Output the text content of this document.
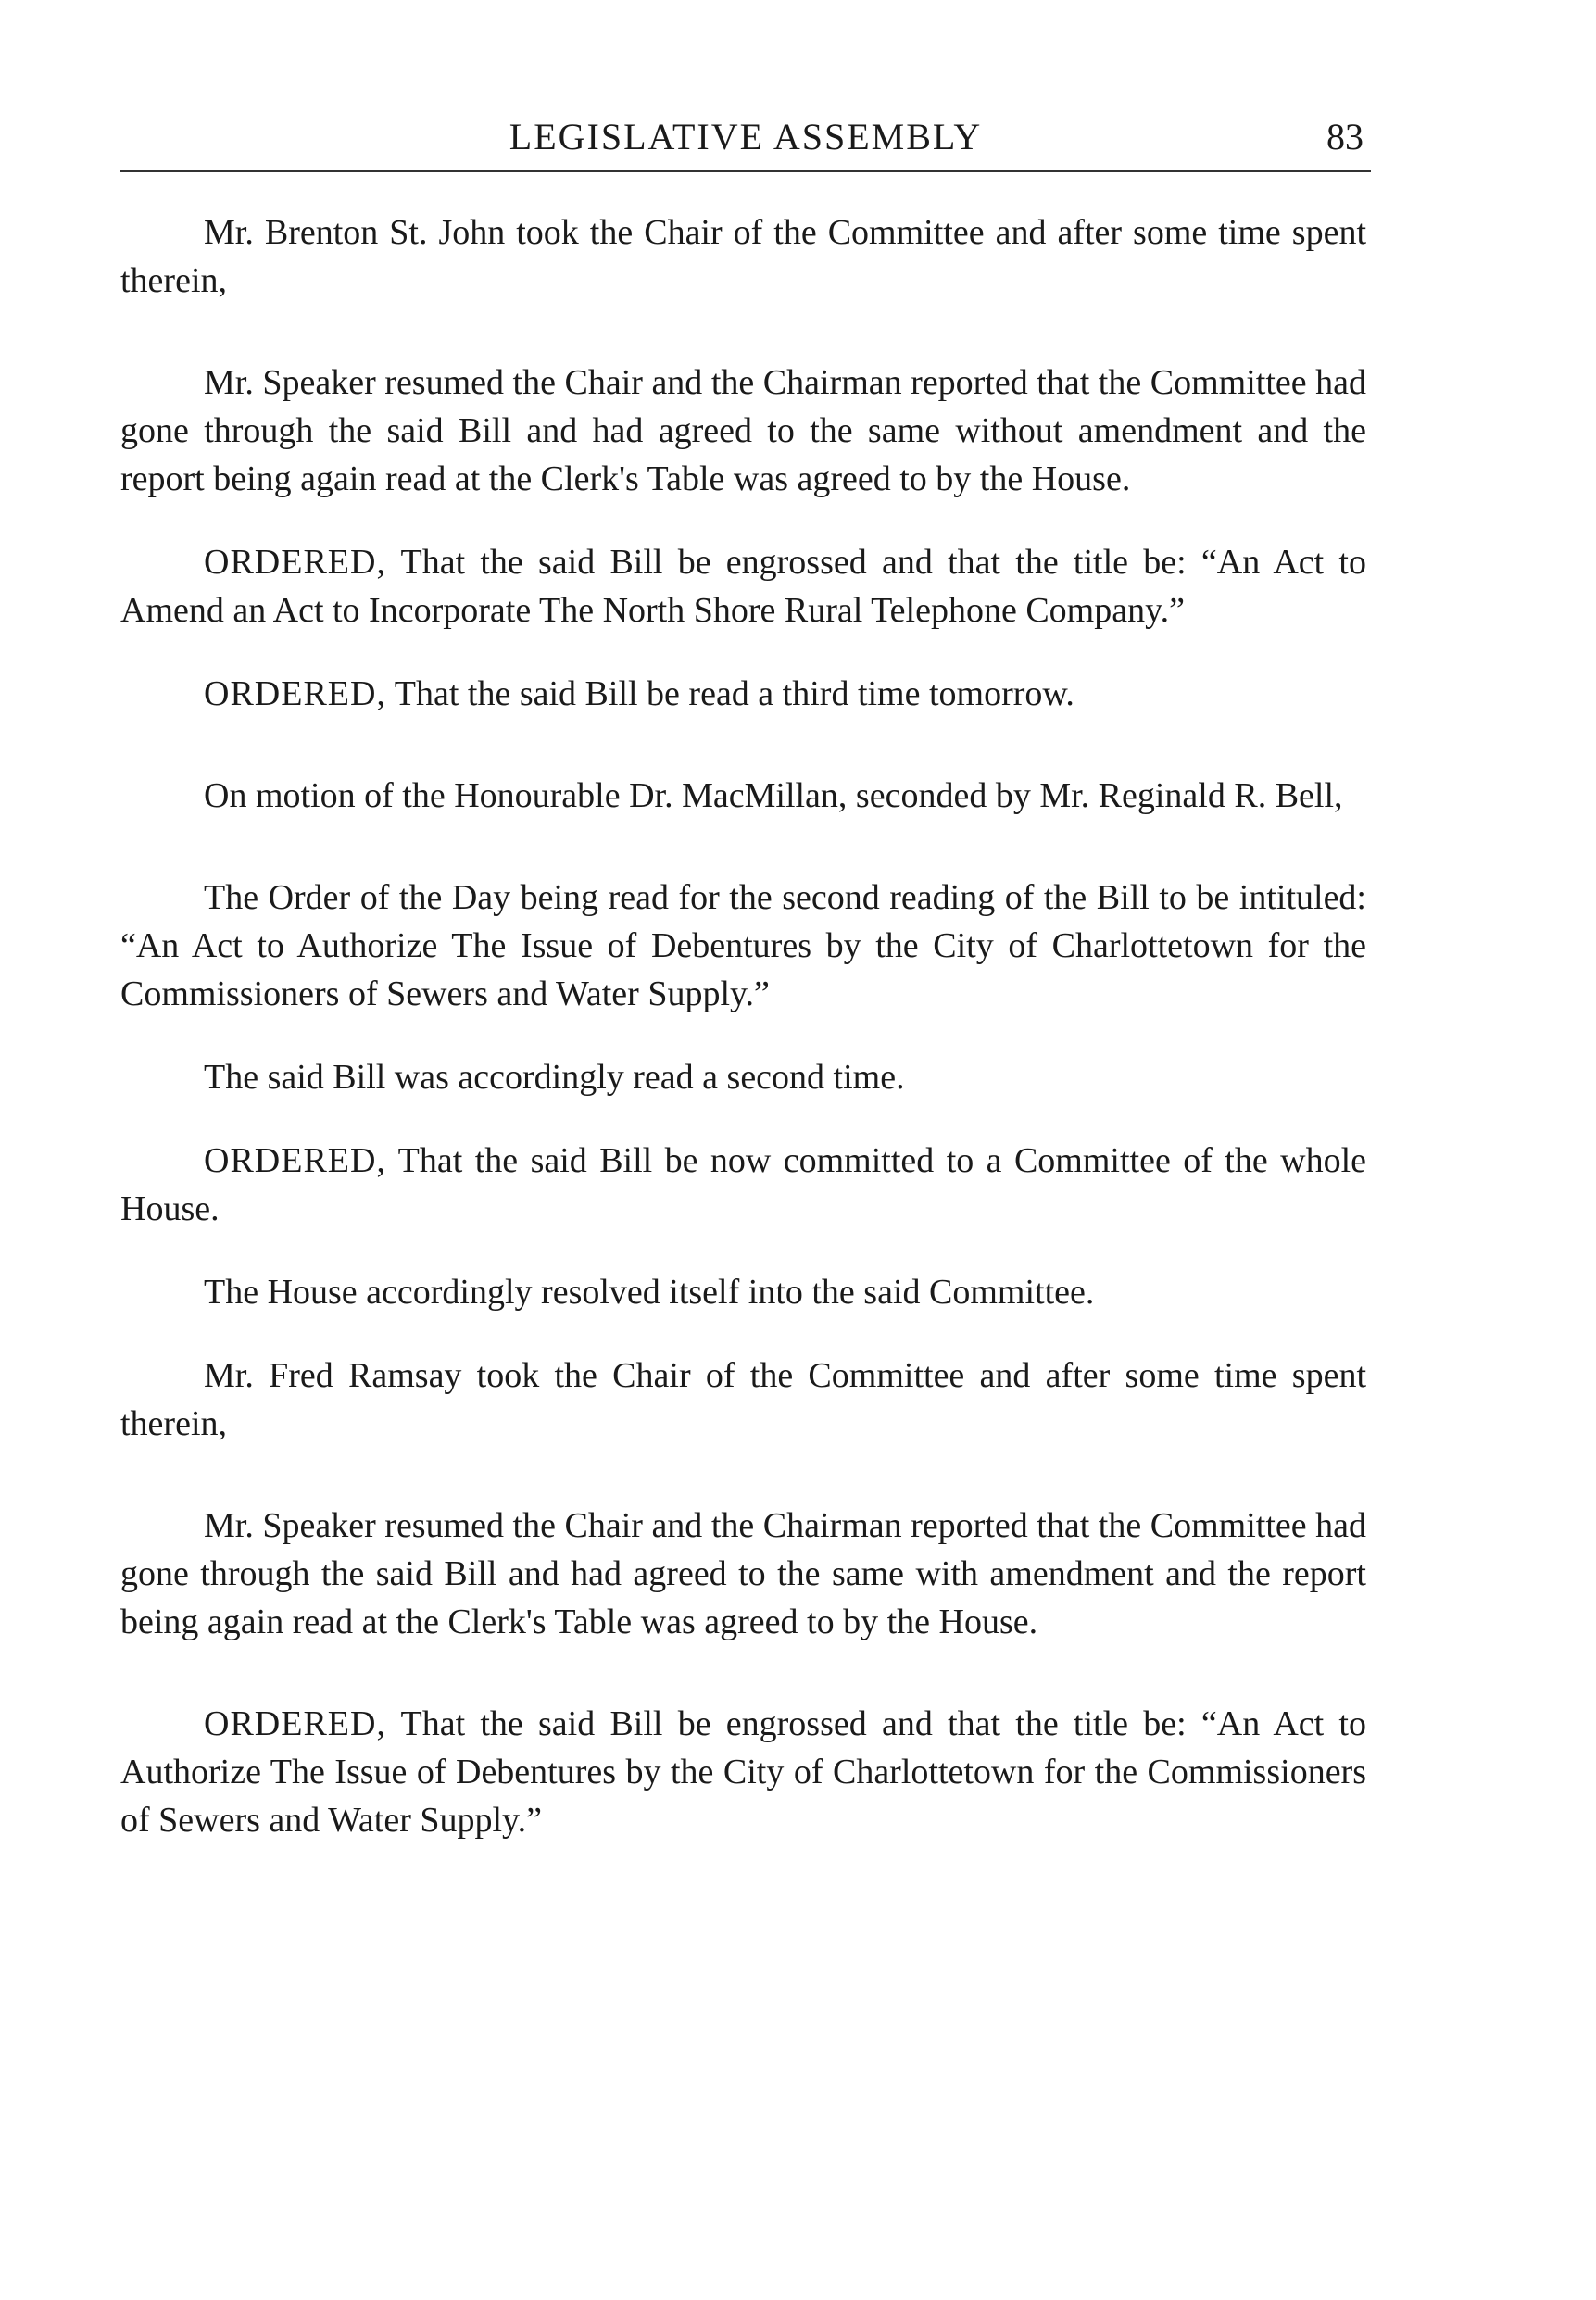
LEGISLATIVE ASSEMBLY	83

Mr. Brenton St. John took the Chair of the Committee and after some time spent therein,

Mr. Speaker resumed the Chair and the Chairman reported that the Committee had gone through the said Bill and had agreed to the same without amendment and the report being again read at the Clerk's Table was agreed to by the House.

ORDERED, That the said Bill be engrossed and that the title be: “An Act to Amend an Act to Incorporate The North Shore Rural Telephone Company.”

ORDERED, That the said Bill be read a third time tomorrow.

On motion of the Honourable Dr. MacMillan, seconded by Mr. Reginald R. Bell,

The Order of the Day being read for the second reading of the Bill to be intituled: “An Act to Authorize The Issue of Debentures by the City of Charlottetown for the Commissioners of Sewers and Water Supply.”

The said Bill was accordingly read a second time.

ORDERED, That the said Bill be now committed to a Committee of the whole House.

The House accordingly resolved itself into the said Committee.

Mr. Fred Ramsay took the Chair of the Committee and after some time spent therein,

Mr. Speaker resumed the Chair and the Chairman reported that the Committee had gone through the said Bill and had agreed to the same with amendment and the report being again read at the Clerk's Table was agreed to by the House.

ORDERED, That the said Bill be engrossed and that the title be: “An Act to Authorize The Issue of Debentures by the City of Charlottetown for the Commissioners of Sewers and Water Supply.”
